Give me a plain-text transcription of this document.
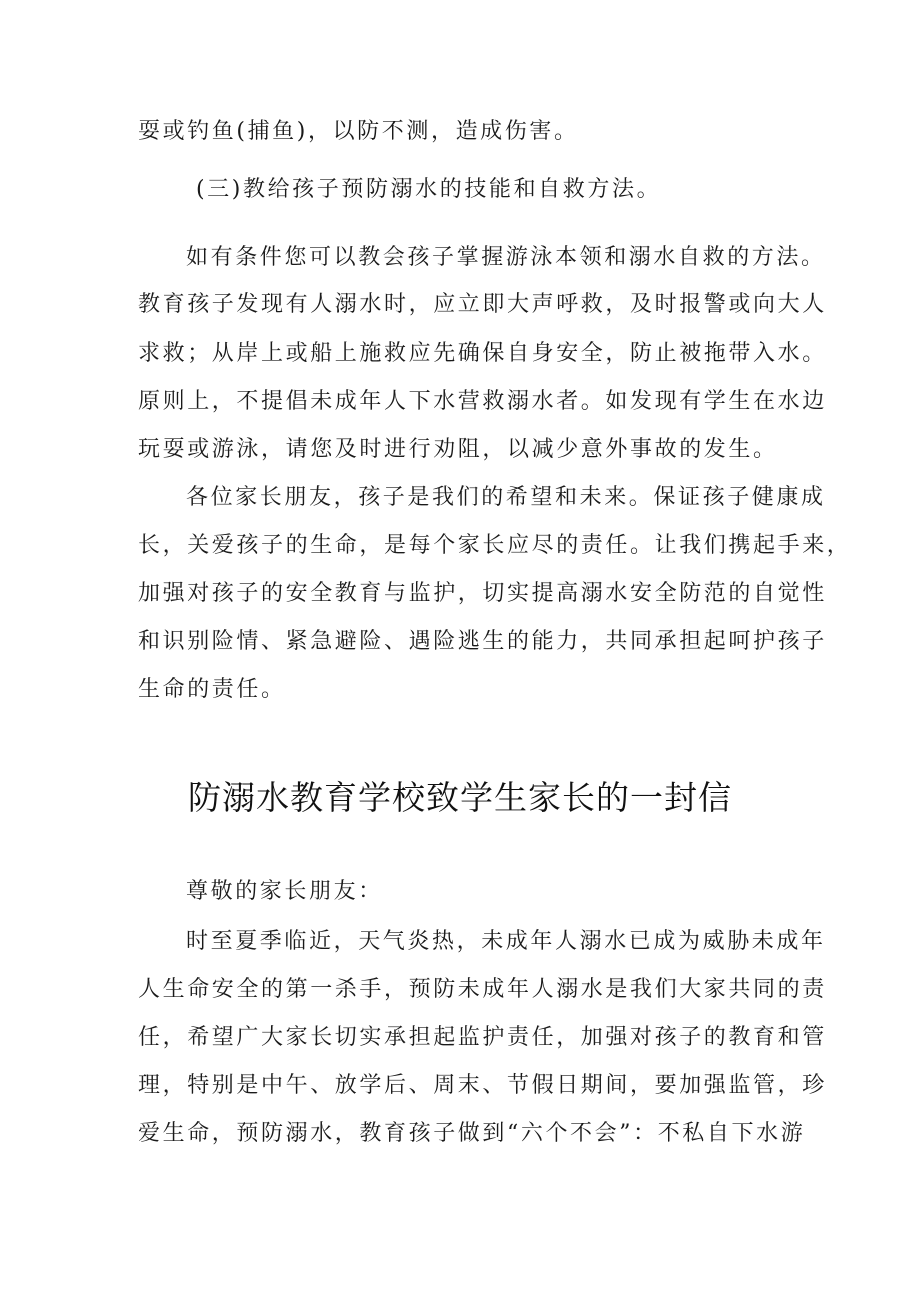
耍或钓鱼(捕鱼)，以防不测，造成伤害。
(三)教给孩子预防溺水的技能和自救方法。
如有条件您可以教会孩子掌握游泳本领和溺水自救的方法。
教育孩子发现有人溺水时，应立即大声呼救，及时报警或向大人
求救；从岸上或船上施救应先确保自身安全，防止被拖带入水。
原则上，不提倡未成年人下水营救溺水者。如发现有学生在水边
玩耍或游泳，请您及时进行劝阻，以减少意外事故的发生。
各位家长朋友，孩子是我们的希望和未来。保证孩子健康成
长，关爱孩子的生命，是每个家长应尽的责任。让我们携起手来，
加强对孩子的安全教育与监护，切实提高溺水安全防范的自觉性
和识别险情、紧急避险、遇险逃生的能力，共同承担起呵护孩子
生命的责任。
防溺水教育学校致学生家长的一封信
尊敬的家长朋友：
时至夏季临近，天气炎热，未成年人溺水已成为威胁未成年
人生命安全的第一杀手，预防未成年人溺水是我们大家共同的责
任，希望广大家长切实承担起监护责任，加强对孩子的教育和管
理，特别是中午、放学后、周末、节假日期间，要加强监管，珍
爱生命，预防溺水，教育孩子做到“六个不会”：不私自下水游
